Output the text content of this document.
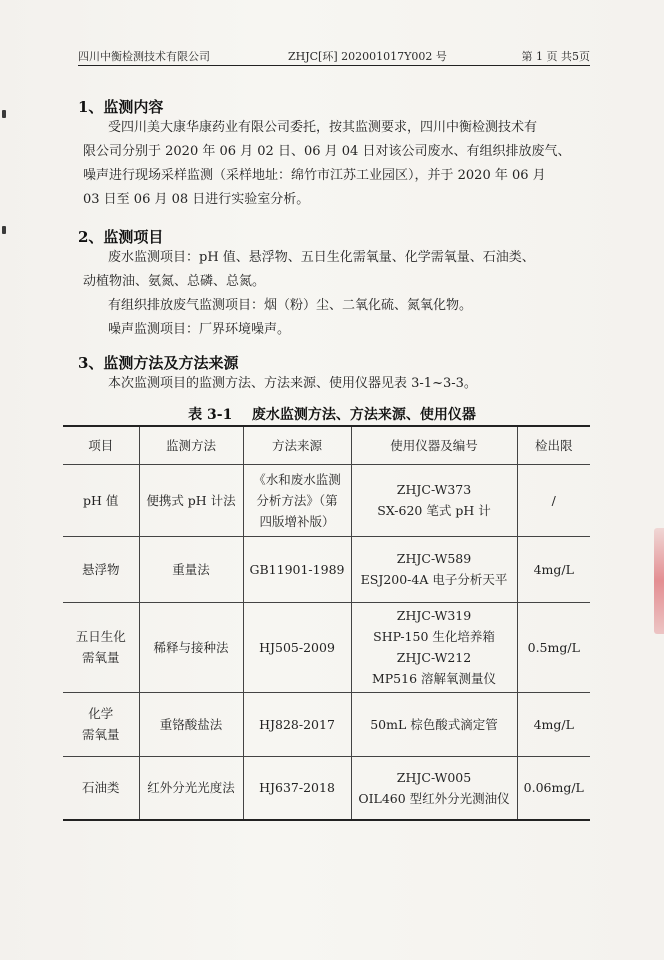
四川中衡检测技术有限公司	ZHJC[环] 202001017Y002 号	第 1 页 共5页
1、监测内容
受四川美大康华康药业有限公司委托，按其监测要求，四川中衡检测技术有
限公司分别于 2020 年 06 月 02 日、06 月 04 日对该公司废水、有组织排放废气、
噪声进行现场采样监测（采样地址：绵竹市江苏工业园区），并于 2020 年 06 月
03 日至 06 月 08 日进行实验室分析。
2、监测项目
废水监测项目：pH 值、悬浮物、五日生化需氧量、化学需氧量、石油类、
动植物油、氨氮、总磷、总氮。
有组织排放废气监测项目：烟（粉）尘、二氧化硫、氮氧化物。
噪声监测项目：厂界环境噪声。
3、监测方法及方法来源
本次监测项目的监测方法、方法来源、使用仪器见表 3-1~3-3。
表 3-1 废水监测方法、方法来源、使用仪器
项目	监测方法	方法来源	使用仪器及编号	检出限
pH 值	便携式 pH 计法	《水和废水监测
分析方法》（第
四版增补版）	ZHJC-W373
SX-620 笔式 pH 计	/
悬浮物	重量法	GB11901-1989	ZHJC-W589
ESJ200-4A 电子分析天平	4mg/L
五日生化
需氧量	稀释与接种法	HJ505-2009	ZHJC-W319
SHP-150 生化培养箱
ZHJC-W212
MP516 溶解氧测量仪	0.5mg/L
化学
需氧量	重铬酸盐法	HJ828-2017	50mL 棕色酸式滴定管	4mg/L
石油类	红外分光光度法	HJ637-2018	ZHJC-W005
OIL460 型红外分光测油仪	0.06mg/L
